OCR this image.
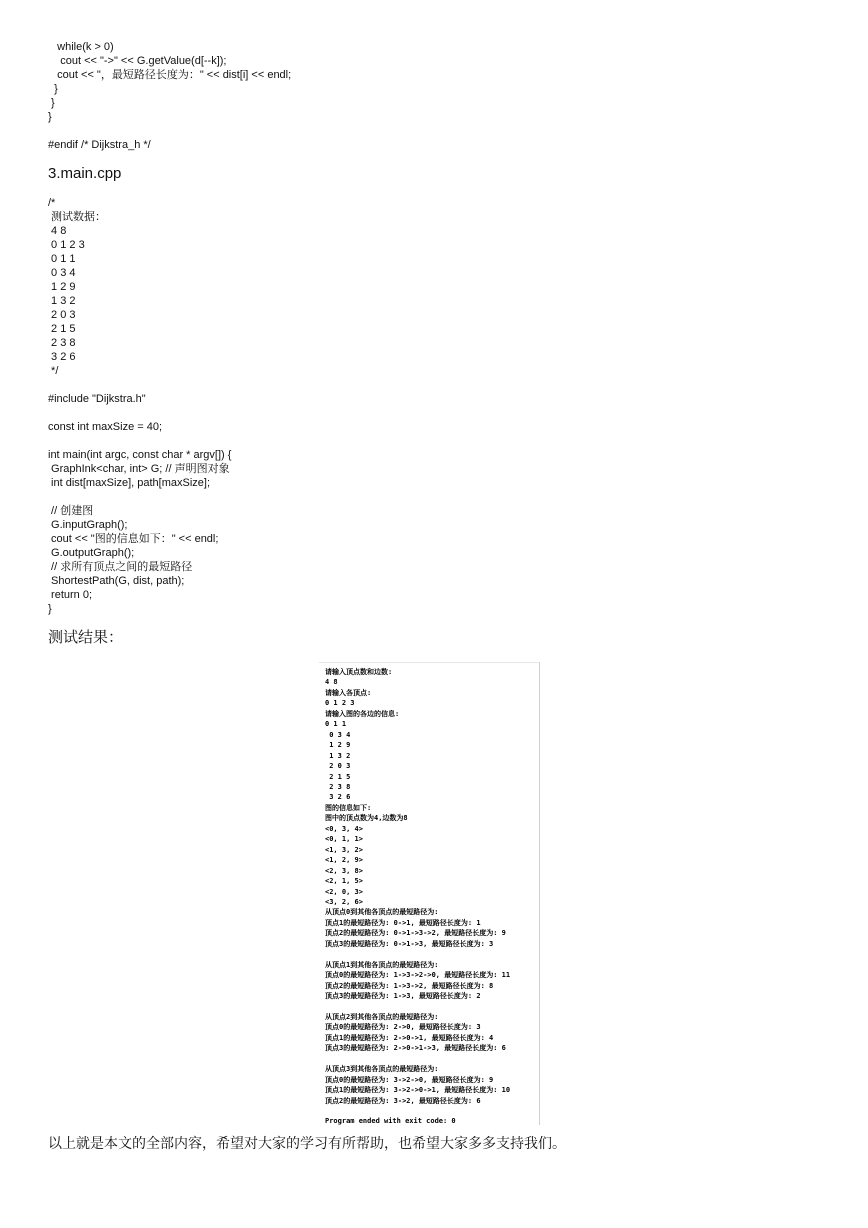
while(k > 0)
cout << "->" << G.getValue(d[--k]);
cout << "，最短路径长度为：" << dist[i] << endl;
}
}
}

#endif /* Dijkstra_h */
3.main.cpp
/*
测试数据：
4 8
0 1 2 3
0 1 1
0 3 4
1 2 9
1 3 2
2 0 3
2 1 5
2 3 8
3 2 6
*/

#include "Dijkstra.h"

const int maxSize = 40;

int main(int argc, const char * argv[]) {
GraphInk<char, int> G; // 声明图对象
int dist[maxSize], path[maxSize];

// 创建图
G.inputGraph();
cout << "图的信息如下：" << endl;
G.outputGraph();
// 求所有顶点之间的最短路径
ShortestPath(G, dist, path);
return 0;
}
测试结果：
请输入顶点数和边数:
4 8
请输入各顶点:
0 1 2 3
请输入图的各边的信息:
0 1 1
0 3 4
1 2 9
1 3 2
2 0 3
2 1 5
2 3 8
3 2 6
图的信息如下:
图中的顶点数为4,边数为8
<0, 3, 4>
<0, 1, 1>
<1, 3, 2>
<1, 2, 9>
<2, 3, 8>
<2, 1, 5>
<2, 0, 3>
<3, 2, 6>
从顶点0到其他各顶点的最短路径为:
顶点1的最短路径为: 0->1, 最短路径长度为: 1
顶点2的最短路径为: 0->1->3->2, 最短路径长度为: 9
顶点3的最短路径为: 0->1->3, 最短路径长度为: 3

从顶点1到其他各顶点的最短路径为:
顶点0的最短路径为: 1->3->2->0, 最短路径长度为: 11
顶点2的最短路径为: 1->3->2, 最短路径长度为: 8
顶点3的最短路径为: 1->3, 最短路径长度为: 2

从顶点2到其他各顶点的最短路径为:
顶点0的最短路径为: 2->0, 最短路径长度为: 3
顶点1的最短路径为: 2->0->1, 最短路径长度为: 4
顶点3的最短路径为: 2->0->1->3, 最短路径长度为: 6

从顶点3到其他各顶点的最短路径为:
顶点0的最短路径为: 3->2->0, 最短路径长度为: 9
顶点1的最短路径为: 3->2->0->1, 最短路径长度为: 10
顶点2的最短路径为: 3->2, 最短路径长度为: 6

Program ended with exit code: 0
以上就是本文的全部内容，希望对大家的学习有所帮助，也希望大家多多支持我们。
